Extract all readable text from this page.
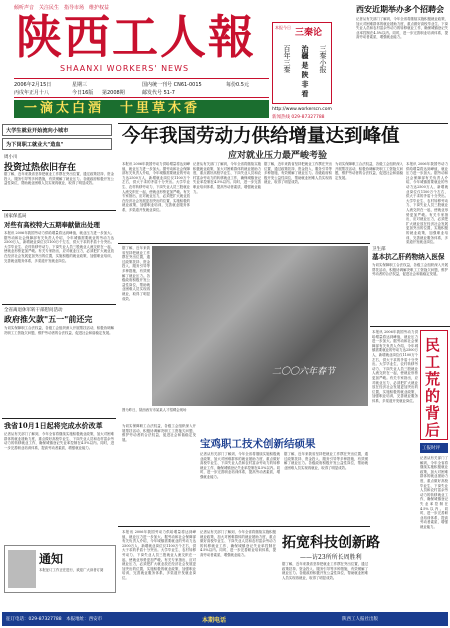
倾听声音　关注民生　指导市场　维护权益
陕西工人報
SHAANXI WORKERS' NEWS
2006年2月15日
丙戌年正月十八
星期三
今日16版 第2008期
国内统一刊号 CN61-0015
邮发代号 51-7
每份0.5元
一滴太白酒　十里草木香
本报今日
三秦论
百年三秦	治疆 是 陕 非 看	三秦小报
http://www.workerscn.com
新闻热线 029-87327788
西安近期举办多个招聘会
记者从有关部门了解到，今年全省将继续实施积极就业政策，加大对困难群体的就业援助力度，重点做好高校毕业生、下岗失业人员和农村富余劳动力的转移就业工作，确保城镇登记失业率控制在4.5%以内。同时，进一步完善职业培训体系，提高劳动者素质，增强就业能力。
大学生就业开始流向小城市
为下岗职工就业大"造血"
周小川
投资过热依旧存在
据了解，近年来我省坚持把就业工作摆在突出位置，通过政策扶持、资金投入、服务引导等多种措施，有效缓解了就业压力。各级政府积极开发公益性岗位，帮助就业困难人员实现再就业，取得了明显成效。
国家保监局
对些有高校特大五期奉献做出处理
本报讯 2006年我国劳动力供给增量将达到峰值，就业压力进一步加大。据劳动和社会保障部有关负责人介绍，今年城镇需要就业的劳动力达2500万人，新增就业岗位仅1100万个左右，供大于求的矛盾十分突出。大学毕业生、农村转移劳动力、下岗失业人员三股就业人流交织在一起，使就业形势更加严峻。有关专家指出，应对就业压力，必须把扩大就业放在经济社会发展更加突出的位置，实施积极的就业政策，加强职业培训，完善就业服务体系，多渠道开发就业岗位。
全省离退休军转干部慰问活动
政府推欠款"五一"前还完
为切实保障职工合法权益，各级工会组织深入开展帮扶活动，积极协调解决职工工资拖欠问题，维护劳动者的合法权益，促进社会和谐稳定发展。
我省10月1日起将完成水价改革
记者从有关部门了解到，今年全省将继续实施积极就业政策，加大对困难群体的就业援助力度，重点做好高校毕业生、下岗失业人员和农村富余劳动力的转移就业工作，确保城镇登记失业率控制在4.5%以内。同时，进一步完善职业培训体系，提高劳动者素质，增强就业能力。
通知
本报征订工作正在进行，欢迎广大读者订阅
今年我国劳动力供给增量达到峰值
应对就业压力最严峻考验
本报讯 2006年我国劳动力供给增量将达到峰值，就业压力进一步加大。据劳动和社会保障部有关负责人介绍，今年城镇需要就业的劳动力达2500万人，新增就业岗位仅1100万个左右，供大于求的矛盾十分突出。大学毕业生、农村转移劳动力、下岗失业人员三股就业人流交织在一起，使就业形势更加严峻。有关专家指出，应对就业压力，必须把扩大就业放在经济社会发展更加突出的位置，实施积极的就业政策，加强职业培训，完善就业服务体系，多渠道开发就业岗位。
记者从有关部门了解到，今年全省将继续实施积极就业政策，加大对困难群体的就业援助力度，重点做好高校毕业生、下岗失业人员和农村富余劳动力的转移就业工作，确保城镇登记失业率控制在4.5%以内。同时，进一步完善职业培训体系，提高劳动者素质，增强就业能力。
据了解，近年来我省坚持把就业工作摆在突出位置，通过政策扶持、资金投入、服务引导等多种措施，有效缓解了就业压力。各级政府积极开发公益性岗位，帮助就业困难人员实现再就业，取得了明显成效。
为切实保障职工合法权益，各级工会组织深入开展帮扶活动，积极协调解决职工工资拖欠问题，维护劳动者的合法权益，促进社会和谐稳定发展。
本报讯 2006年我国劳动力供给增量将达到峰值，就业压力进一步加大。据劳动和社会保障部有关负责人介绍，今年城镇需要就业的劳动力达2500万人，新增就业岗位仅1100万个左右，供大于求的矛盾十分突出。大学毕业生、农村转移劳动力、下岗失业人员三股就业人流交织在一起，使就业形势更加严峻。有关专家指出，应对就业压力，必须把扩大就业放在经济社会发展更加突出的位置，实施积极的就业政策，加强职业培训，完善就业服务体系，多渠道开发就业岗位。
二〇〇六年春节
图为昨日，陕西西安市某某人才招聘会现场
据了解，近年来我省坚持把就业工作摆在突出位置，通过政策扶持、资金投入、服务引导等多种措施，有效缓解了就业压力。各级政府积极开发公益性岗位，帮助就业困难人员实现再就业，取得了明显成效。
宝鸡职工技术创新结硕果
为切实保障职工合法权益，各级工会组织深入开展帮扶活动，积极协调解决职工工资拖欠问题，维护劳动者的合法权益，促进社会和谐稳定发展。
记者从有关部门了解到，今年全省将继续实施积极就业政策，加大对困难群体的就业援助力度，重点做好高校毕业生、下岗失业人员和农村富余劳动力的转移就业工作，确保城镇登记失业率控制在4.5%以内。同时，进一步完善职业培训体系，提高劳动者素质，增强就业能力。
据了解，近年来我省坚持把就业工作摆在突出位置，通过政策扶持、资金投入、服务引导等多种措施，有效缓解了就业压力。各级政府积极开发公益性岗位，帮助就业困难人员实现再就业，取得了明显成效。
本报讯 2006年我国劳动力供给增量将达到峰值，就业压力进一步加大。据劳动和社会保障部有关负责人介绍，今年城镇需要就业的劳动力达2500万人，新增就业岗位仅1100万个左右，供大于求的矛盾十分突出。大学毕业生、农村转移劳动力、下岗失业人员三股就业人流交织在一起，使就业形势更加严峻。有关专家指出，应对就业压力，必须把扩大就业放在经济社会发展更加突出的位置，实施积极的就业政策，加强职业培训，完善就业服务体系，多渠道开发就业岗位。
记者从有关部门了解到，今年全省将继续实施积极就业政策，加大对困难群体的就业援助力度，重点做好高校毕业生、下岗失业人员和农村富余劳动力的转移就业工作，确保城镇登记失业率控制在4.5%以内。同时，进一步完善职业培训体系，提高劳动者素质，增强就业能力。
拓宽科技创新路
——访23所所长周胜利
据了解，近年来我省坚持把就业工作摆在突出位置，通过政策扶持、资金投入、服务引导等多种措施，有效缓解了就业压力。各级政府积极开发公益性岗位，帮助就业困难人员实现再就业，取得了明显成效。
卫生部
基本抗乙肝药物纳入医保
为切实保障职工合法权益，各级工会组织深入开展帮扶活动，积极协调解决职工工资拖欠问题，维护劳动者的合法权益，促进社会和谐稳定发展。
本报讯 2006年我国劳动力供给增量将达到峰值，就业压力进一步加大。据劳动和社会保障部有关负责人介绍，今年城镇需要就业的劳动力达2500万人，新增就业岗位仅1100万个左右，供大于求的矛盾十分突出。大学毕业生、农村转移劳动力、下岗失业人员三股就业人流交织在一起，使就业形势更加严峻。有关专家指出，应对就业压力，必须把扩大就业放在经济社会发展更加突出的位置，实施积极的就业政策，加强职业培训，完善就业服务体系，多渠道开发就业岗位。
民工荒的背后
工报时评
记者从有关部门了解到，今年全省将继续实施积极就业政策，加大对困难群体的就业援助力度，重点做好高校毕业生、下岗失业人员和农村富余劳动力的转移就业工作，确保城镇登记失业率控制在4.5%以内。同时，进一步完善职业培训体系，提高劳动者素质，增强就业能力。
征订电话：029-87327788　本报地址：西安市	本期电话	陕西工人报社出版
